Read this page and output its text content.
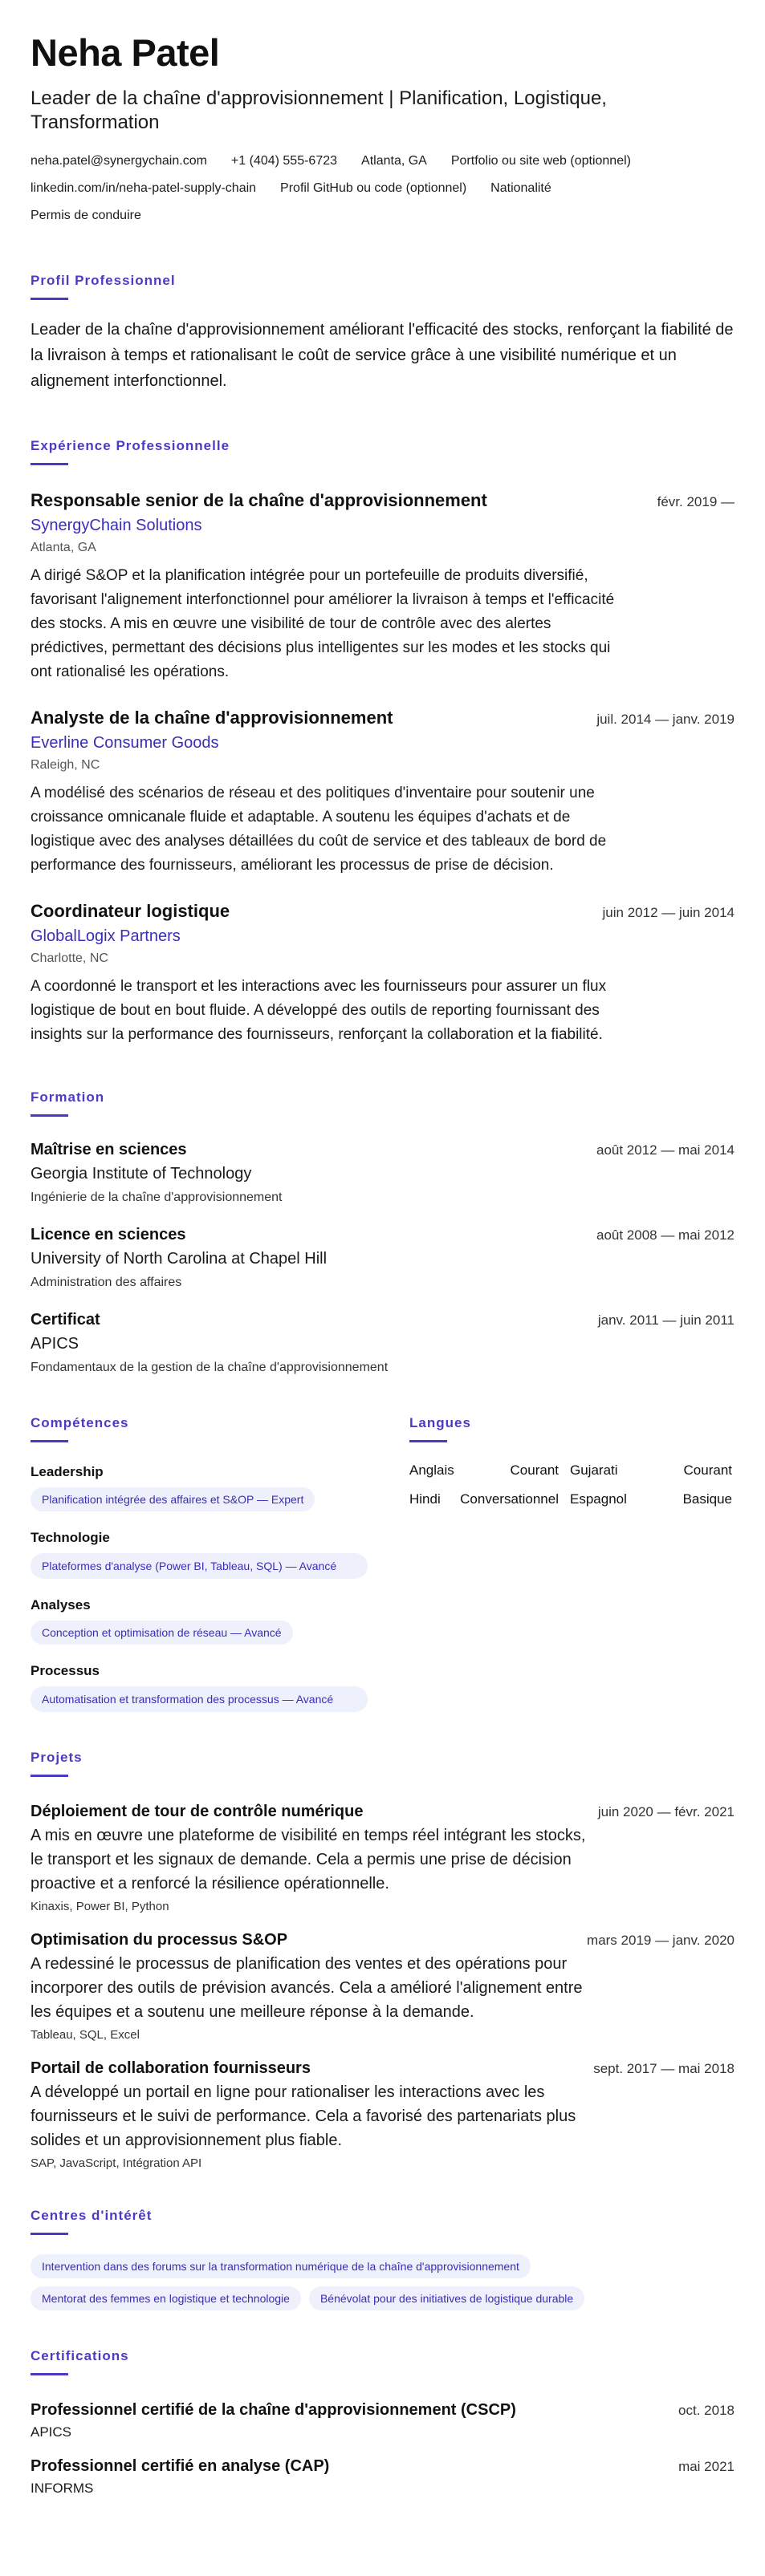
Neha Patel
Leader de la chaîne d'approvisionnement | Planification, Logistique, Transformation
neha.patel@synergychain.com +1 (404) 555-6723 Atlanta, GA Portfolio ou site web (optionnel)
linkedin.com/in/neha-patel-supply-chain Profil GitHub ou code (optionnel) Nationalité
Permis de conduire
Profil Professionnel

Leader de la chaîne d'approvisionnement améliorant l'efficacité des stocks, renforçant la fiabilité de la livraison à temps et rationalisant le coût de service grâce à une visibilité numérique et un alignement interfonctionnel.

Expérience Professionnelle
Responsable senior de la chaîne d'approvisionnement	févr. 2019 —
SynergyChain Solutions
Atlanta, GA

A dirigé S&OP et la planification intégrée pour un portefeuille de produits diversifié, favorisant l'alignement interfonctionnel pour améliorer la livraison à temps et l'efficacité des stocks. A mis en œuvre une visibilité de tour de contrôle avec des alertes prédictives, permettant des décisions plus intelligentes sur les modes et les stocks qui ont rationalisé les opérations.

Analyste de la chaîne d'approvisionnement	juil. 2014 — janv. 2019
Everline Consumer Goods
Raleigh, NC

A modélisé des scénarios de réseau et des politiques d'inventaire pour soutenir une croissance omnicanale fluide et adaptable. A soutenu les équipes d'achats et de logistique avec des analyses détaillées du coût de service et des tableaux de bord de performance des fournisseurs, améliorant les processus de prise de décision.

Coordinateur logistique	juin 2012 — juin 2014
GlobalLogix Partners
Charlotte, NC

A coordonné le transport et les interactions avec les fournisseurs pour assurer un flux logistique de bout en bout fluide. A développé des outils de reporting fournissant des insights sur la performance des fournisseurs, renforçant la collaboration et la fiabilité.

Formation
Maîtrise en sciences	août 2012 — mai 2014
Georgia Institute of Technology
Ingénierie de la chaîne d'approvisionnement
Licence en sciences	août 2008 — mai 2012
University of North Carolina at Chapel Hill
Administration des affaires
Certificat	janv. 2011 — juin 2011
APICS
Fondamentaux de la gestion de la chaîne d'approvisionnement
Compétences
Leadership
Planification intégrée des affaires et S&OP — Expert
Technologie
Plateformes d'analyse (Power BI, Tableau, SQL) — Avancé
Analyses
Conception et optimisation de réseau — Avancé
Processus
Automatisation et transformation des processus — Avancé
Langues
Anglais	Courant Gujarati	Courant
Hindi Conversationnel Espagnol	Basique
Projets
Déploiement de tour de contrôle numérique	juin 2020 — févr. 2021

A mis en œuvre une plateforme de visibilité en temps réel intégrant les stocks, le transport et les signaux de demande. Cela a permis une prise de décision proactive et a renforcé la résilience opérationnelle.

Kinaxis, Power BI, Python
Optimisation du processus S&OP	mars 2019 — janv. 2020

A redessiné le processus de planification des ventes et des opérations pour incorporer des outils de prévision avancés. Cela a amélioré l'alignement entre les équipes et a soutenu une meilleure réponse à la demande.

Tableau, SQL, Excel
Portail de collaboration fournisseurs	sept. 2017 — mai 2018

A développé un portail en ligne pour rationaliser les interactions avec les fournisseurs et le suivi de performance. Cela a favorisé des partenariats plus solides et un approvisionnement plus fiable.

SAP, JavaScript, Intégration API
Centres d'intérêt
Intervention dans des forums sur la transformation numérique de la chaîne d'approvisionnement
Mentorat des femmes en logistique et technologie	Bénévolat pour des initiatives de logistique durable
Certifications
Professionnel certifié de la chaîne d'approvisionnement (CSCP)	oct. 2018
APICS
Professionnel certifié en analyse (CAP)	mai 2021
INFORMS
